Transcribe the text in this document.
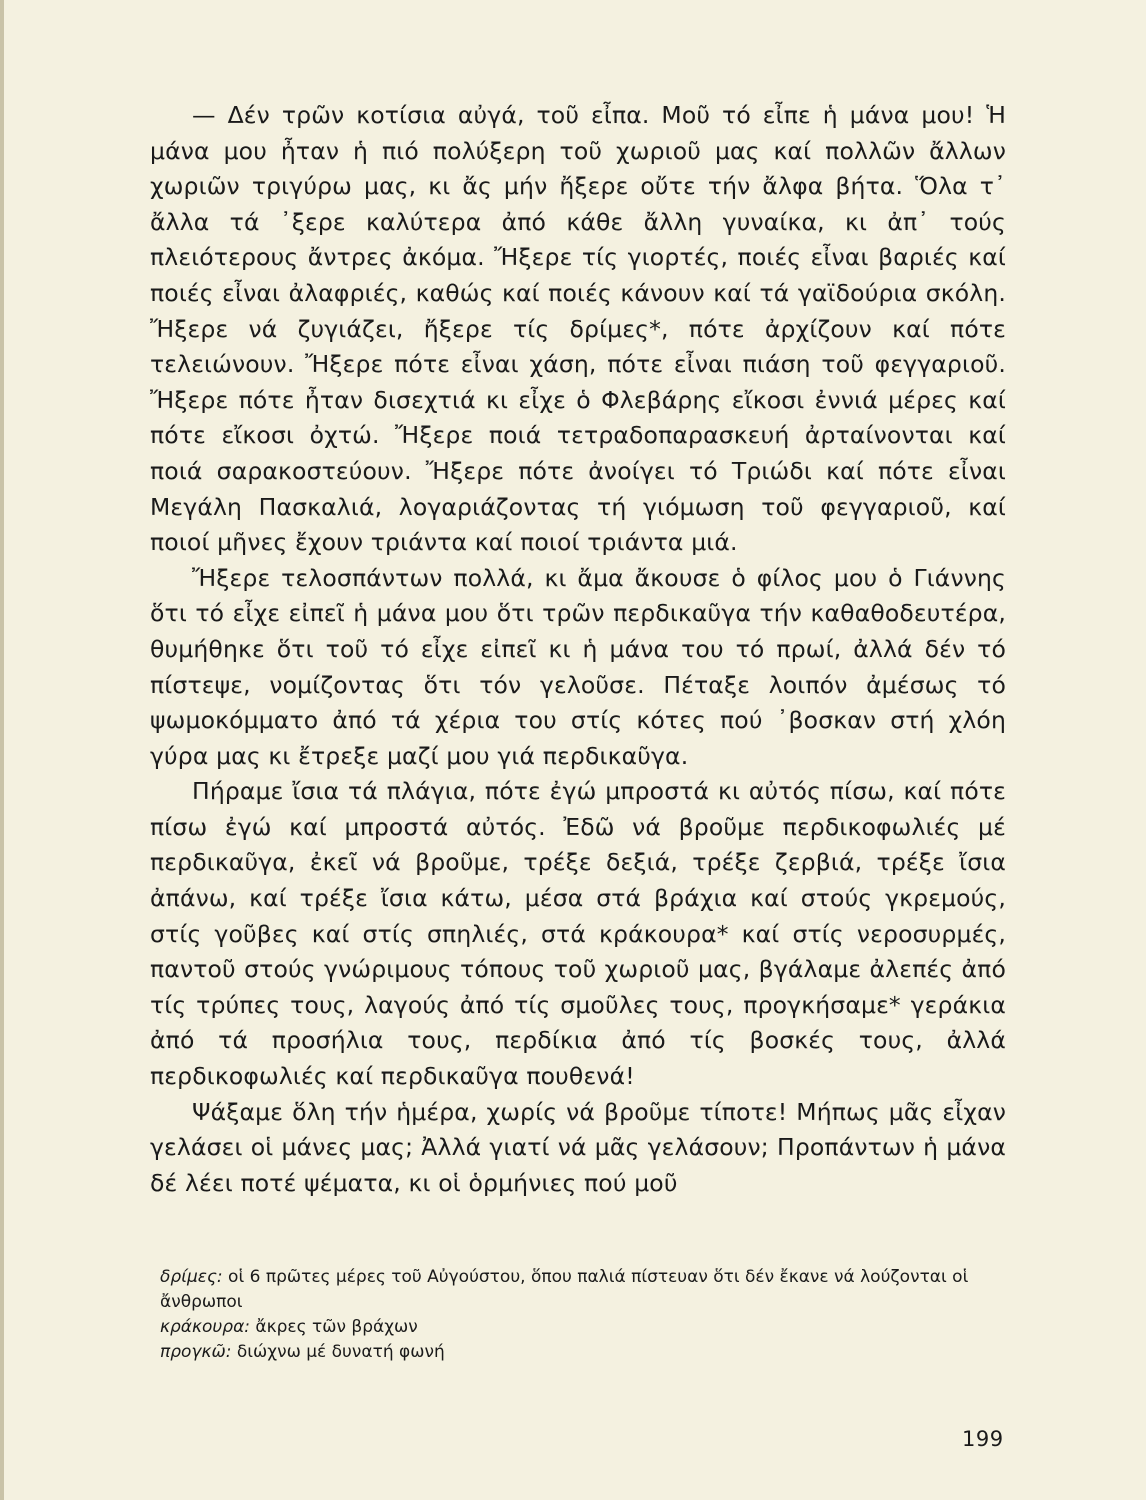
— Δέν τρῶν κοτίσια αὐγά, τοῦ εἶπα. Μοῦ τό εἶπε ἡ μάνα μου! Ἡ μάνα μου ἦταν ἡ πιό πολύξερη τοῦ χωριοῦ μας καί πολλῶν ἄλλων χωριῶν τριγύρω μας, κι ἄς μήν ἤξερε οὔτε τήν ἄλφα βήτα. Ὅλα τ᾽ ἄλλα τά ᾽ξερε καλύτερα ἀπό κάθε ἄλλη γυναίκα, κι ἀπ᾽ τούς πλειότερους ἄντρες ἀκόμα. Ἤξερε τίς γιορτές, ποιές εἶναι βαριές καί ποιές εἶναι ἀλαφριές, καθώς καί ποιές κάνουν καί τά γαϊδούρια σκόλη. Ἤξερε νά ζυγιάζει, ἤξερε τίς δρίμες*, πότε ἀρχίζουν καί πότε τελειώνουν. Ἤξερε πότε εἶναι χάση, πότε εἶναι πιάση τοῦ φεγγαριοῦ. Ἤξερε πότε ἦταν δισεχτιά κι εἶχε ὁ Φλεβάρης εἴκοσι ἐννιά μέρες καί πότε εἴκοσι ὀχτώ. Ἤξερε ποιά τετραδοπαρασκευή ἀρταίνονται καί ποιά σαρακοστεύουν. Ἤξερε πότε ἀνοίγει τό Τριώδι καί πότε εἶναι Μεγάλη Πασκαλιά, λογαριάζοντας τή γιόμωση τοῦ φεγγαριοῦ, καί ποιοί μῆνες ἔχουν τριάντα καί ποιοί τριάντα μιά.

Ἤξερε τελοσπάντων πολλά, κι ἄμα ἄκουσε ὁ φίλος μου ὁ Γιάννης ὅτι τό εἶχε εἰπεῖ ἡ μάνα μου ὅτι τρῶν περδικαῦγα τήν καθαθοδευτέρα, θυμήθηκε ὅτι τοῦ τό εἶχε εἰπεῖ κι ἡ μάνα του τό πρωί, ἀλλά δέν τό πίστεψε, νομίζοντας ὅτι τόν γελοῦσε. Πέταξε λοιπόν ἀμέσως τό ψωμοκόμματο ἀπό τά χέρια του στίς κότες πού ᾽βοσκαν στή χλόη γύρα μας κι ἔτρεξε μαζί μου γιά περδικαῦγα.

Πήραμε ἴσια τά πλάγια, πότε ἐγώ μπροστά κι αὐτός πίσω, καί πότε πίσω ἐγώ καί μπροστά αὐτός. Ἐδῶ νά βροῦμε περδικοφωλιές μέ περδικαῦγα, ἐκεῖ νά βροῦμε, τρέξε δεξιά, τρέξε ζερβιά, τρέξε ἴσια ἀπάνω, καί τρέξε ἴσια κάτω, μέσα στά βράχια καί στούς γκρεμούς, στίς γοῦβες καί στίς σπηλιές, στά κράκουρα* καί στίς νεροσυρμές, παντοῦ στούς γνώριμους τόπους τοῦ χωριοῦ μας, βγάλαμε ἀλεπές ἀπό τίς τρύπες τους, λαγούς ἀπό τίς σμοῦλες τους, προγκήσαμε* γεράκια ἀπό τά προσήλια τους, περδίκια ἀπό τίς βοσκές τους, ἀλλά περδικοφωλιές καί περδικαῦγα πουθενά!

Ψάξαμε ὅλη τήν ἡμέρα, χωρίς νά βροῦμε τίποτε! Μήπως μᾶς εἶχαν γελάσει οἱ μάνες μας; Ἀλλά γιατί νά μᾶς γελάσουν; Προπάντων ἡ μάνα δέ λέει ποτέ ψέματα, κι οἱ ὁρμήνιες πού μοῦ

δρίμες: οἱ 6 πρῶτες μέρες τοῦ Αὐγούστου, ὅπου παλιά πίστευαν ὅτι δέν ἔκανε νά λούζονται οἱ ἄνθρωποι

κράκουρα: ἄκρες τῶν βράχων

προγκῶ: διώχνω μέ δυνατή φωνή

199
